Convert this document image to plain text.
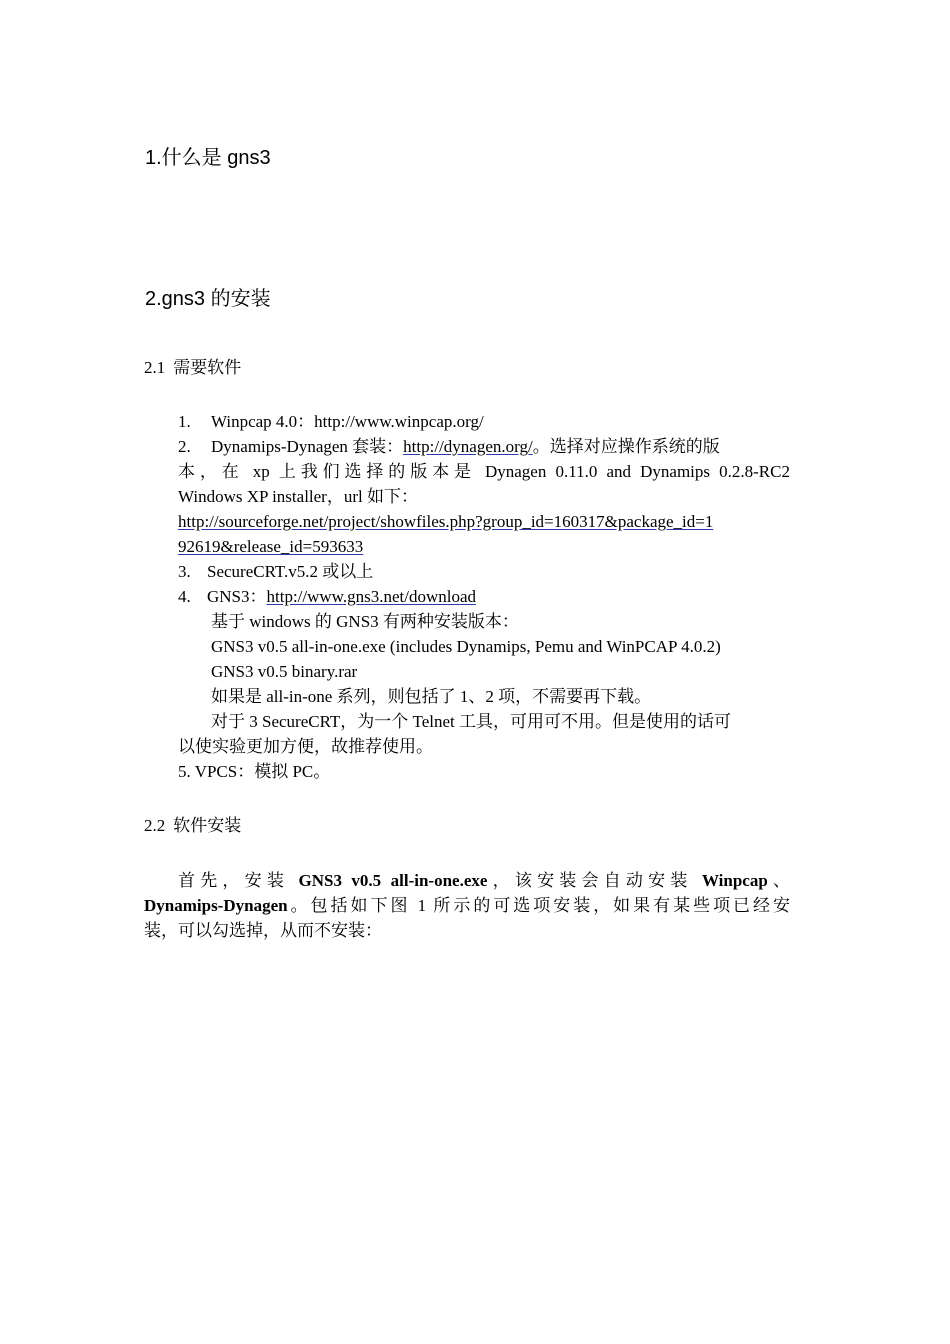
1.什么是 gns3
2.gns3 的安装
2.1 需要软件
1. Winpcap 4.0：http://www.winpcap.org/
2. Dynamips-Dynagen 套装：http://dynagen.org/。选择对应操作系统的版
本，在 xp 上我们选择的版本是 Dynagen 0.11.0 and Dynamips 0.2.8-RC2
Windows XP installer，url 如下：
http://sourceforge.net/project/showfiles.php?group_id=160317&package_id=1
92619&release_id=593633
3. SecureCRT.v5.2 或以上
4. GNS3：http://www.gns3.net/download
基于 windows 的 GNS3 有两种安装版本：
GNS3 v0.5 all-in-one.exe (includes Dynamips, Pemu and WinPCAP 4.0.2)
GNS3 v0.5 binary.rar
如果是 all-in-one 系列，则包括了 1、2 项，不需要再下载。
对于 3 SecureCRT，为一个 Telnet 工具，可用可不用。但是使用的话可
以使实验更加方便，故推荐使用。
5. VPCS：模拟 PC。
2.2 软件安装
首先，安装 GNS3 v0.5 all-in-one.exe，该安装会自动安装 Winpcap、
Dynamips-Dynagen。包括如下图 1 所示的可选项安装，如果有某些项已经安
装，可以勾选掉，从而不安装：
